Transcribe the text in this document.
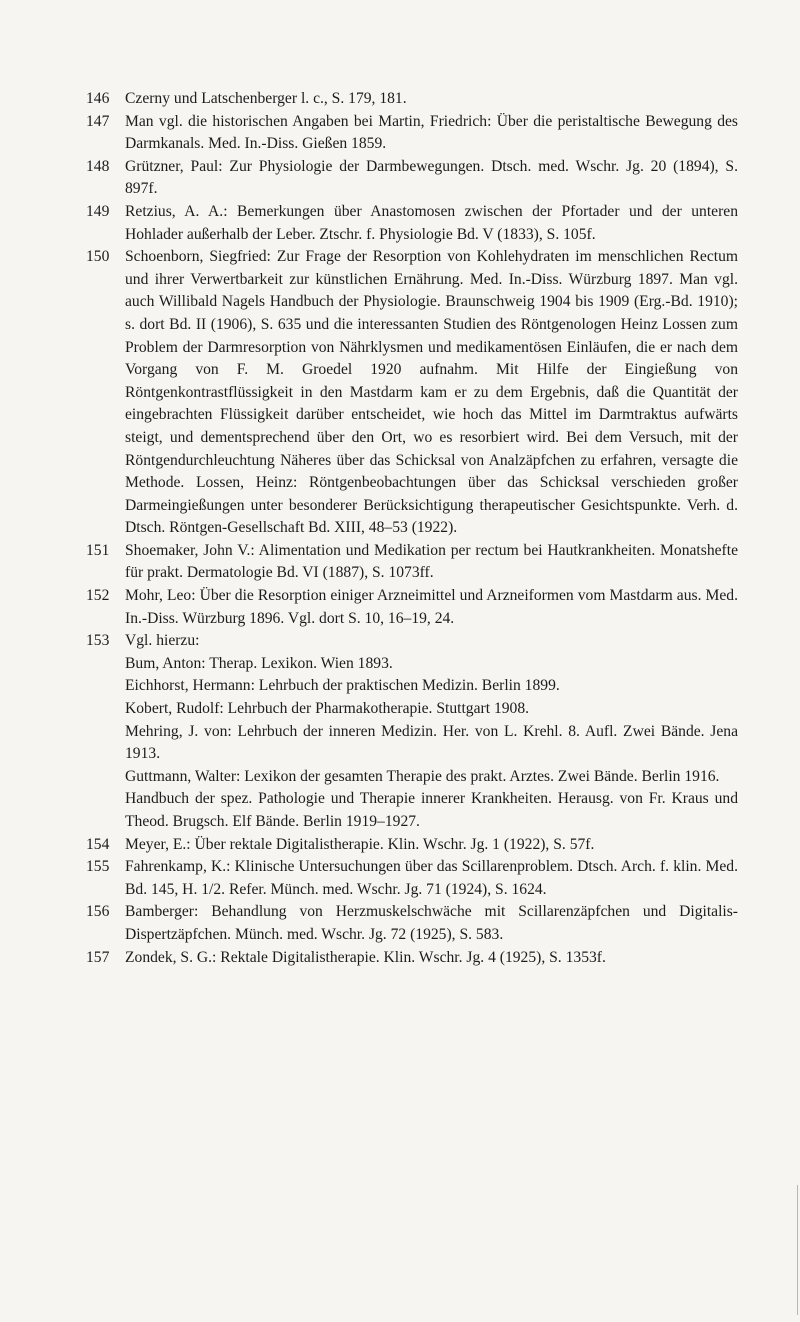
146 Czerny und Latschenberger l. c., S. 179, 181.

147 Man vgl. die historischen Angaben bei Martin, Friedrich: Über die peristaltische Bewegung des Darmkanals. Med. In.-Diss. Gießen 1859.

148 Grützner, Paul: Zur Physiologie der Darmbewegungen. Dtsch. med. Wschr. Jg. 20 (1894), S. 897f.

149 Retzius, A. A.: Bemerkungen über Anastomosen zwischen der Pfortader und der unteren Hohlader außerhalb der Leber. Ztschr. f. Physiologie Bd. V (1833), S. 105f.

150 Schoenborn, Siegfried: Zur Frage der Resorption von Kohlehydraten im menschlichen Rectum und ihrer Verwertbarkeit zur künstlichen Ernährung. Med. In.-Diss. Würzburg 1897. Man vgl. auch Willibald Nagels Handbuch der Physiologie. Braunschweig 1904 bis 1909 (Erg.-Bd. 1910); s. dort Bd. II (1906), S. 635 und die interessanten Studien des Röntgenologen Heinz Lossen zum Problem der Darmresorption von Nährklysmen und medikamentösen Einläufen, die er nach dem Vorgang von F. M. Groedel 1920 aufnahm. Mit Hilfe der Eingießung von Röntgenkontrastflüssigkeit in den Mastdarm kam er zu dem Ergebnis, daß die Quantität der eingebrachten Flüssigkeit darüber entscheidet, wie hoch das Mittel im Darmtraktus aufwärts steigt, und dementsprechend über den Ort, wo es resorbiert wird. Bei dem Versuch, mit der Röntgendurchleuchtung Näheres über das Schicksal von Analzäpfchen zu erfahren, versagte die Methode. Lossen, Heinz: Röntgenbeobachtungen über das Schicksal verschieden großer Darmeingießungen unter besonderer Berücksichtigung therapeutischer Gesichtspunkte. Verh. d. Dtsch. Röntgen-Gesellschaft Bd. XIII, 48–53 (1922).

151 Shoemaker, John V.: Alimentation und Medikation per rectum bei Hautkrankheiten. Monatshefte für prakt. Dermatologie Bd. VI (1887), S. 1073ff.

152 Mohr, Leo: Über die Resorption einiger Arzneimittel und Arzneiformen vom Mastdarm aus. Med. In.-Diss. Würzburg 1896. Vgl. dort S. 10, 16–19, 24.

153 Vgl. hierzu:
Bum, Anton: Therap. Lexikon. Wien 1893.
Eichhorst, Hermann: Lehrbuch der praktischen Medizin. Berlin 1899.
Kobert, Rudolf: Lehrbuch der Pharmakotherapie. Stuttgart 1908.
Mehring, J. von: Lehrbuch der inneren Medizin. Her. von L. Krehl. 8. Aufl. Zwei Bände. Jena 1913.
Guttmann, Walter: Lexikon der gesamten Therapie des prakt. Arztes. Zwei Bände. Berlin 1916.
Handbuch der spez. Pathologie und Therapie innerer Krankheiten. Herausg. von Fr. Kraus und Theod. Brugsch. Elf Bände. Berlin 1919–1927.

154 Meyer, E.: Über rektale Digitalistherapie. Klin. Wschr. Jg. 1 (1922), S. 57f.

155 Fahrenkamp, K.: Klinische Untersuchungen über das Scillarenproblem. Dtsch. Arch. f. klin. Med. Bd. 145, H. 1/2. Refer. Münch. med. Wschr. Jg. 71 (1924), S. 1624.

156 Bamberger: Behandlung von Herzmuskelschwäche mit Scillarenzäpfchen und Digitalis-Dispertzäpfchen. Münch. med. Wschr. Jg. 72 (1925), S. 583.

157 Zondek, S. G.: Rektale Digitalistherapie. Klin. Wschr. Jg. 4 (1925), S. 1353f.
